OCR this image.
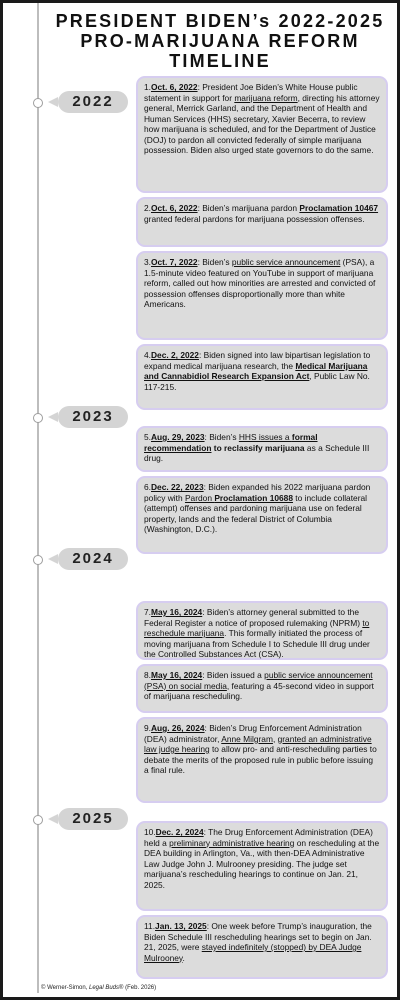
PRESIDENT BIDEN’s 2022-2025
PRO-MARIJUANA REFORM
TIMELINE
2022
2023
2024
2025
1.Oct. 6, 2022: President Joe Biden’s White House public statement in support for marijuana reform, directing his attorney general, Merrick Garland, and the Department of Health and Human Services (HHS) secretary, Xavier Becerra, to review how marijuana is scheduled, and for the Department of Justice (DOJ) to pardon all convicted federally of simple marijuana possession. Biden also urged state governors to do the same.
2.Oct. 6, 2022: Biden’s marijuana pardon Proclamation 10467 granted federal pardons for marijuana possession offenses.
3.Oct. 7, 2022: Biden’s public service announcement (PSA), a 1.5-minute video featured on YouTube in support of marijuana reform, called out how minorities are arrested and convicted of possession offenses disproportionally more than white Americans.
4.Dec. 2, 2022: Biden signed into law bipartisan legislation to expand medical marijuana research, the Medical Marijuana and Cannabidiol Research Expansion Act, Public Law No. 117-215.
5.Aug. 29, 2023: Biden’s HHS issues a formal recommendation to reclassify marijuana as a Schedule III drug.
6.Dec. 22, 2023: Biden expanded his 2022 marijuana pardon policy with Pardon Proclamation 10688 to include collateral (attempt) offenses and pardoning marijuana use on federal property, lands and the federal District of Columbia (Washington, D.C.).
7.May 16, 2024: Biden’s attorney general submitted to the Federal Register a notice of proposed rulemaking (NPRM) to reschedule marijuana. This formally initiated the process of moving marijuana from Schedule I to Schedule III drug under the Controlled Substances Act (CSA).
8.May 16, 2024: Biden issued a public service announcement (PSA) on social media, featuring a 45-second video in support of marijuana rescheduling.
9.Aug. 26, 2024: Biden’s Drug Enforcement Administration (DEA) administrator, Anne Milgram, granted an administrative law judge hearing to allow pro- and anti-rescheduling parties to debate the merits of the proposed rule in public before issuing a final rule.
10.Dec. 2, 2024: The Drug Enforcement Administration (DEA) held a preliminary administrative hearing on rescheduling at the DEA building in Arlington, Va., with then-DEA Administrative Law Judge John J. Mulrooney presiding. The judge set marijuana’s rescheduling hearings to continue on Jan. 21, 2025.
11.Jan. 13, 2025: One week before Trump’s inauguration, the Biden Schedule III rescheduling hearings set to begin on Jan. 21, 2025, were stayed indefinitely (stopped) by DEA Judge Mulrooney.
© Werner-Simon, Legal Buds® (Feb. 2026)
